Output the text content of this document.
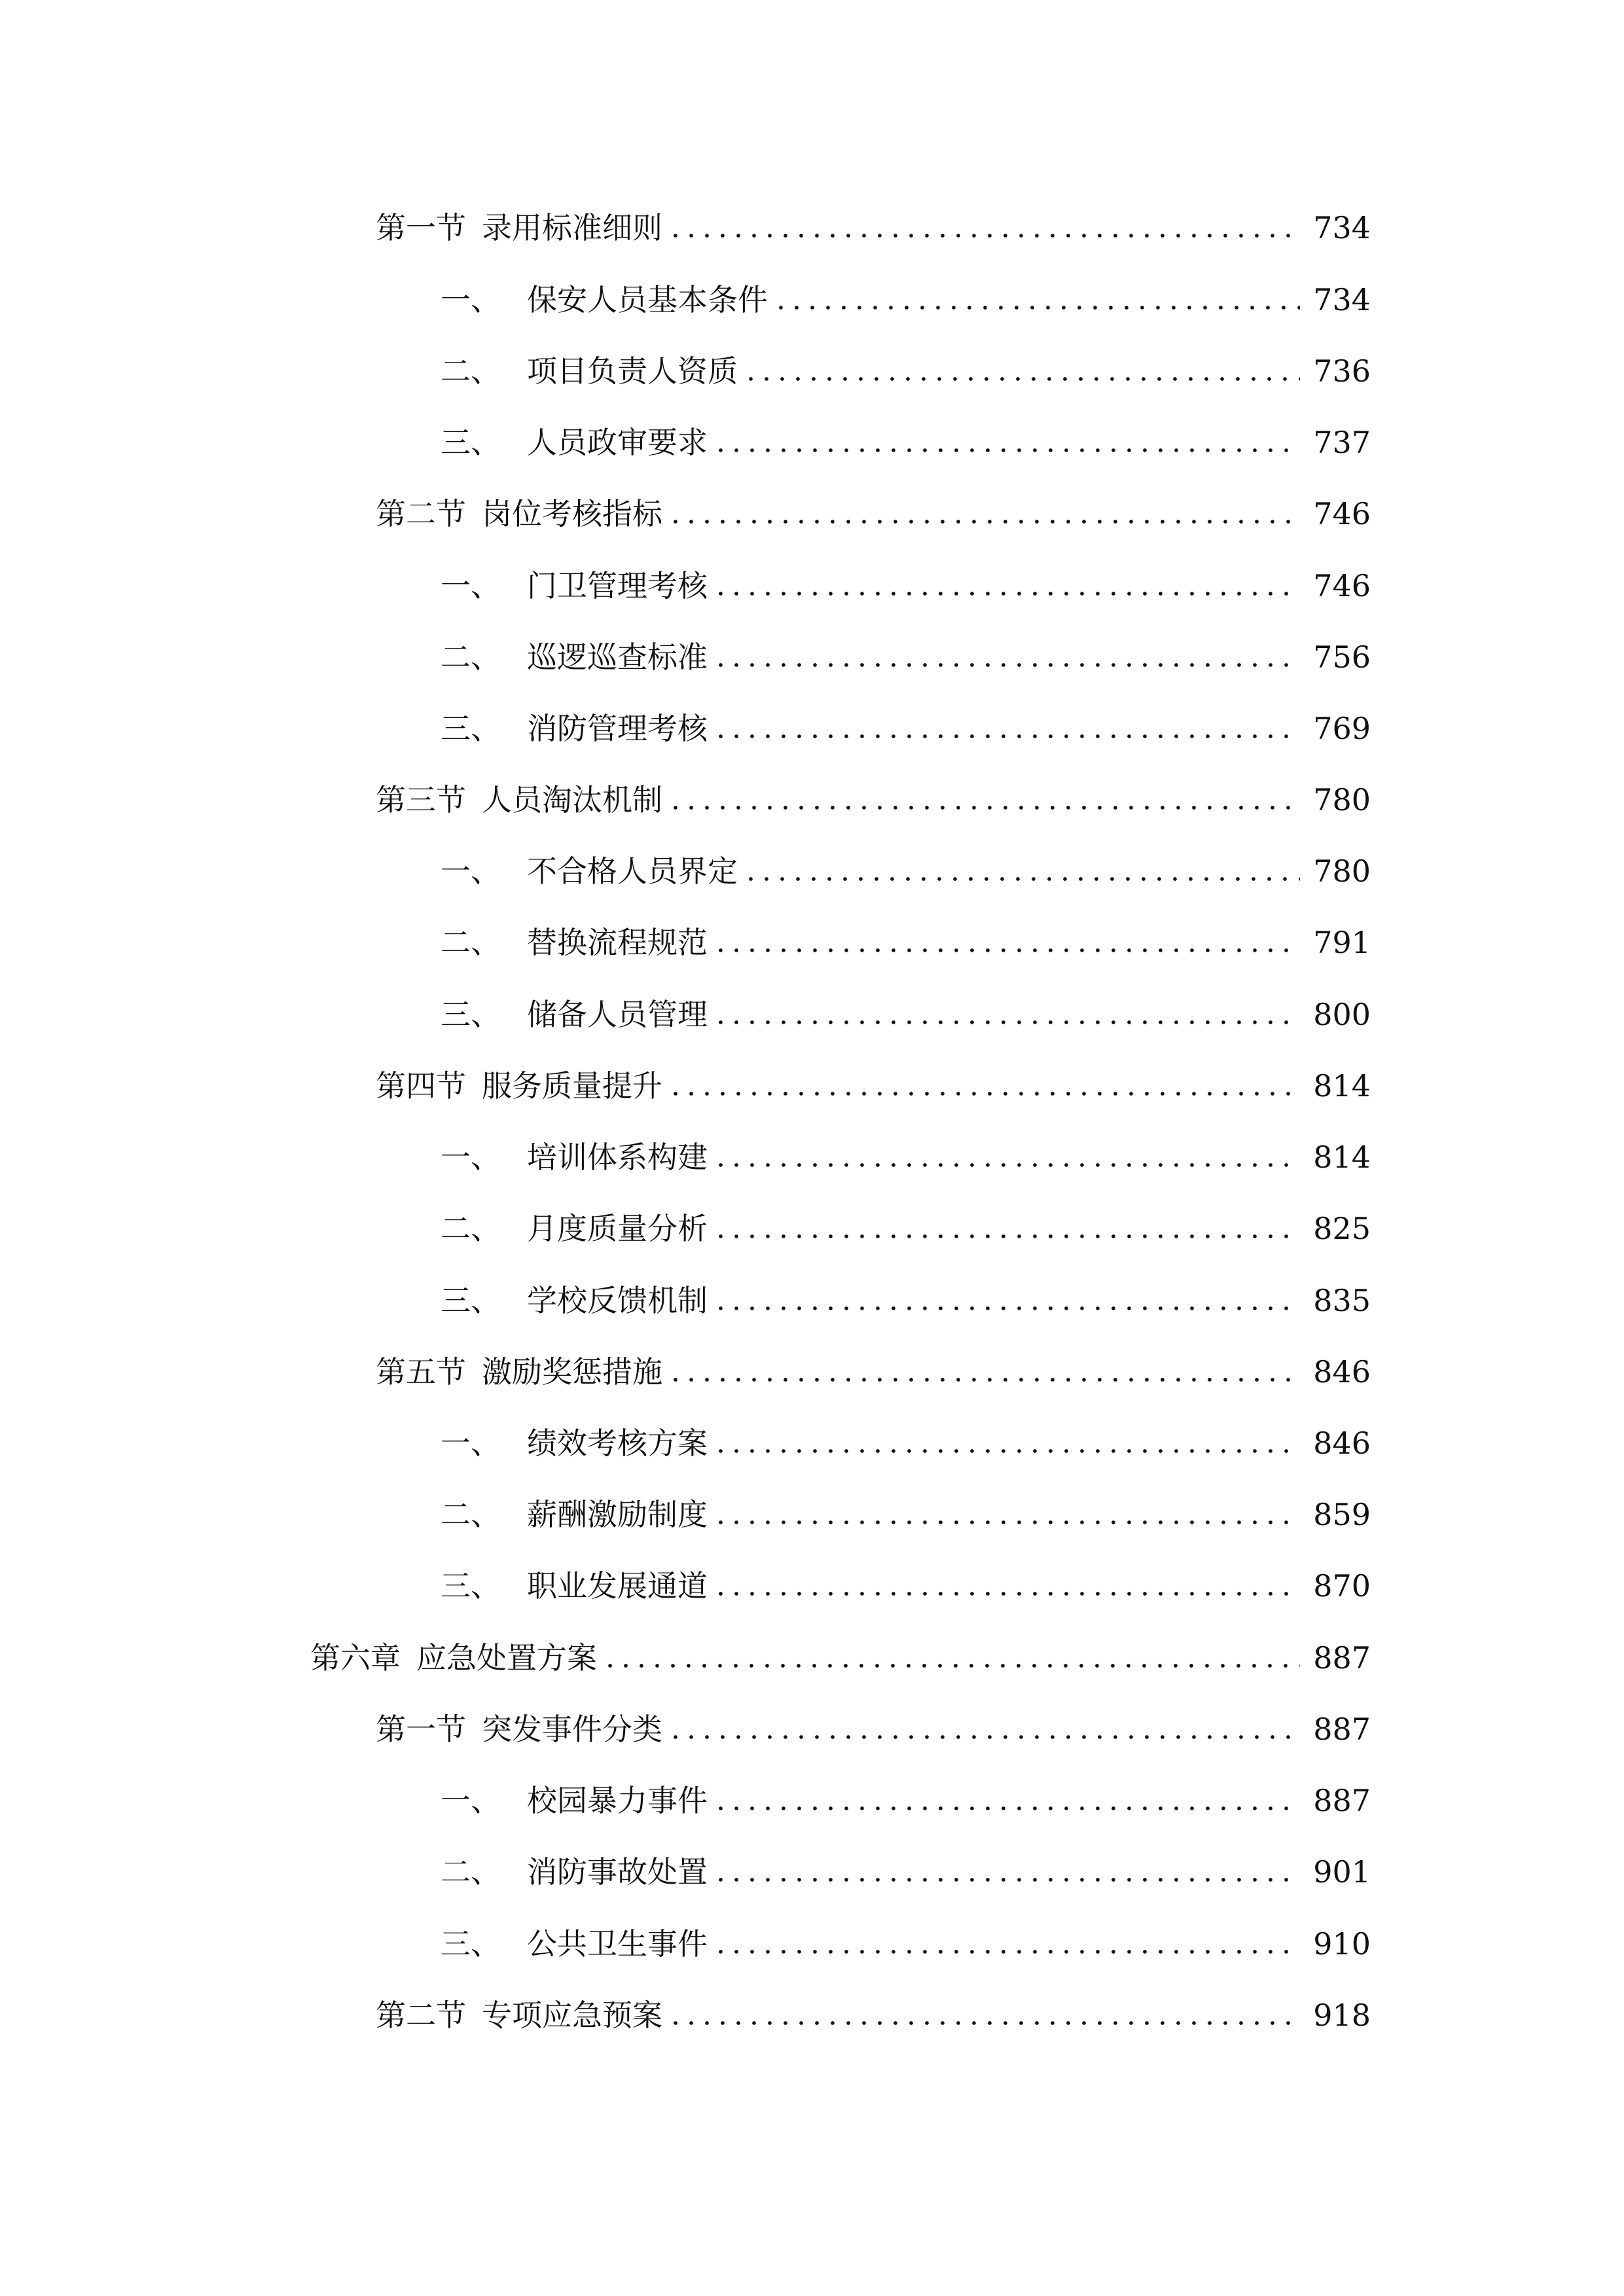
第一节 录用标准细则	734
一、 保安人员基本条件	734
二、 项目负责人资质	736
三、 人员政审要求	737
第二节 岗位考核指标	746
一、 门卫管理考核	746
二、 巡逻巡查标准	756
三、 消防管理考核	769
第三节 人员淘汰机制	780
一、 不合格人员界定	780
二、 替换流程规范	791
三、 储备人员管理	800
第四节 服务质量提升	814
一、 培训体系构建	814
二、 月度质量分析	825
三、 学校反馈机制	835
第五节 激励奖惩措施	846
一、 绩效考核方案	846
二、 薪酬激励制度	859
三、 职业发展通道	870
第六章 应急处置方案	887
第一节 突发事件分类	887
一、 校园暴力事件	887
二、 消防事故处置	901
三、 公共卫生事件	910
第二节 专项应急预案	918
